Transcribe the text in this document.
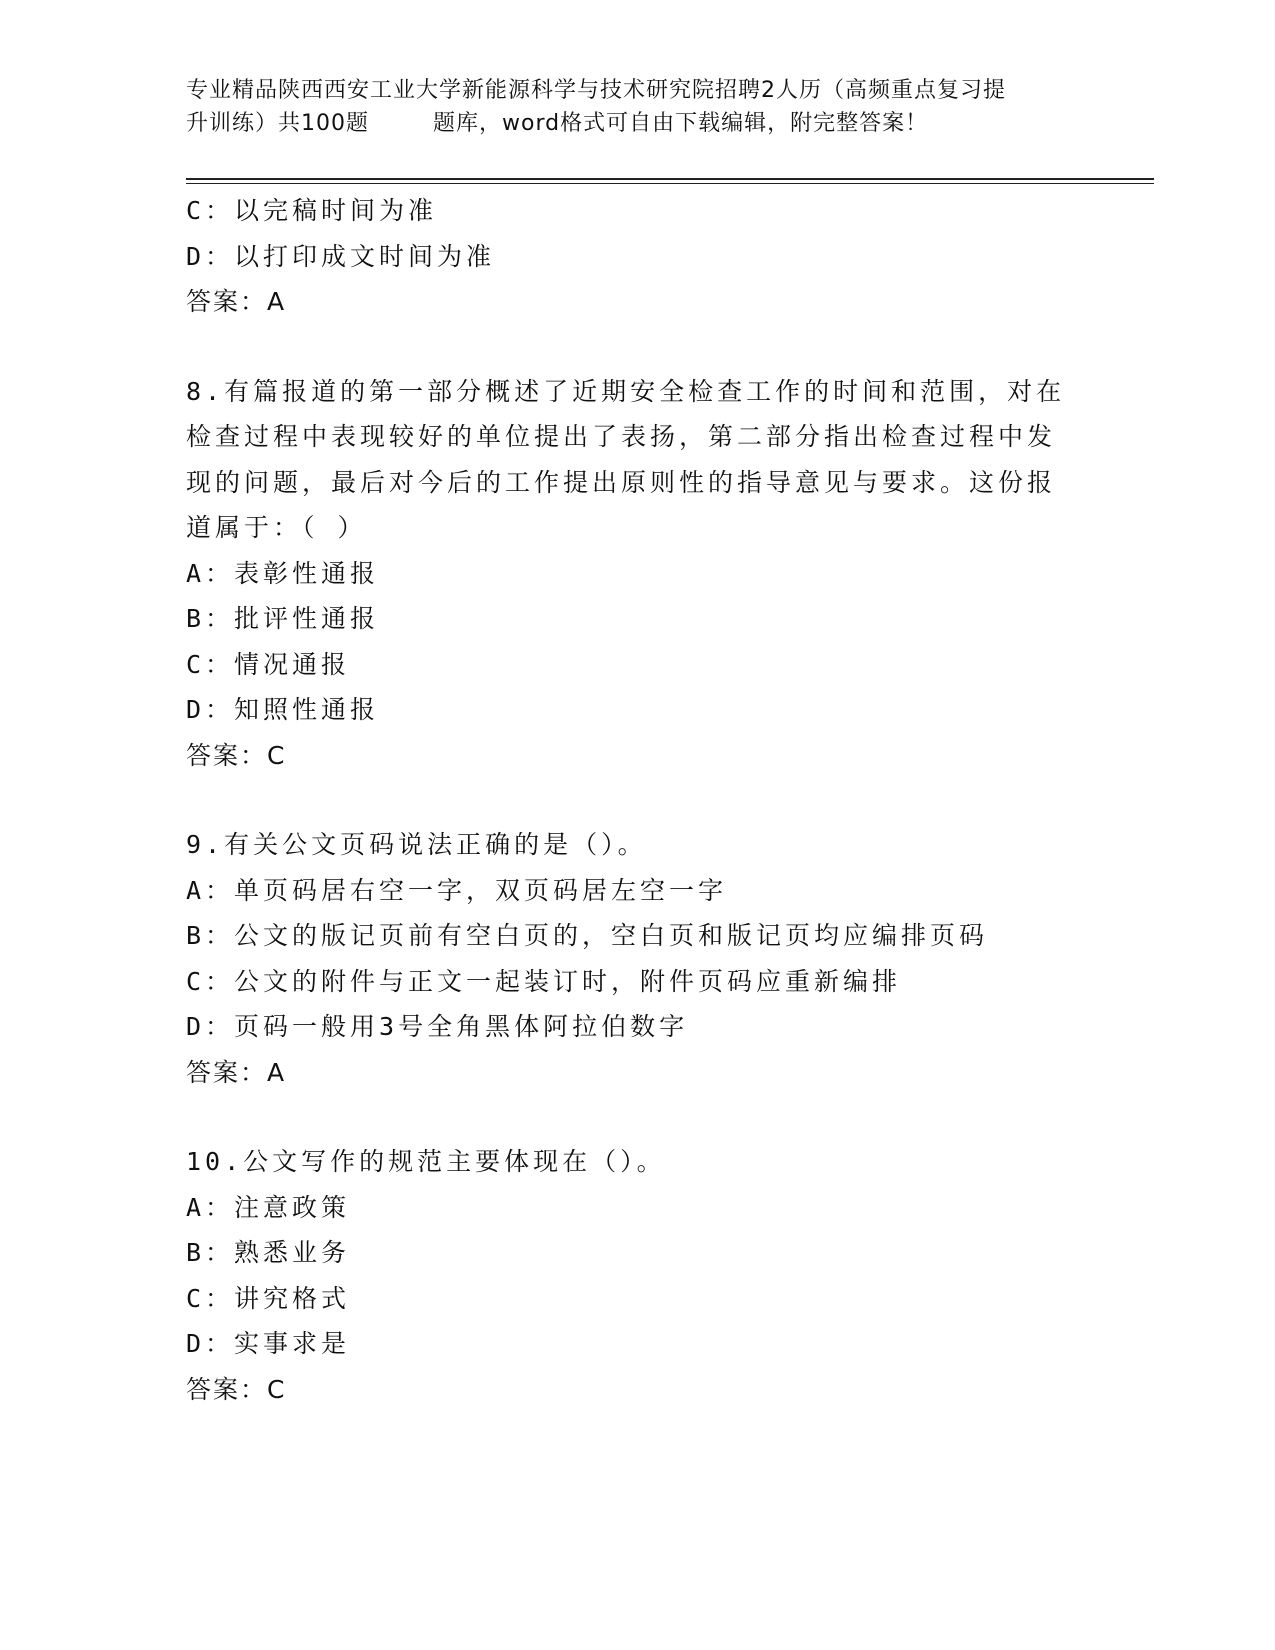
专业精品陕西西安工业大学新能源科学与技术研究院招聘2人历（高频重点复习提
升训练）共100题	题库，word格式可自由下载编辑，附完整答案！
C：以完稿时间为准
D：以打印成文时间为准
答案：A
8.有篇报道的第一部分概述了近期安全检查工作的时间和范围，对在
检查过程中表现较好的单位提出了表扬，第二部分指出检查过程中发
现的问题，最后对今后的工作提出原则性的指导意见与要求。这份报
道属于：（ ）
A：表彰性通报
B：批评性通报
C：情况通报
D：知照性通报
答案：C
9.有关公文页码说法正确的是（）。
A：单页码居右空一字，双页码居左空一字
B：公文的版记页前有空白页的，空白页和版记页均应编排页码
C：公文的附件与正文一起装订时，附件页码应重新编排
D：页码一般用3号全角黑体阿拉伯数字
答案：A
10.公文写作的规范主要体现在（）。
A：注意政策
B：熟悉业务
C：讲究格式
D：实事求是
答案：C
